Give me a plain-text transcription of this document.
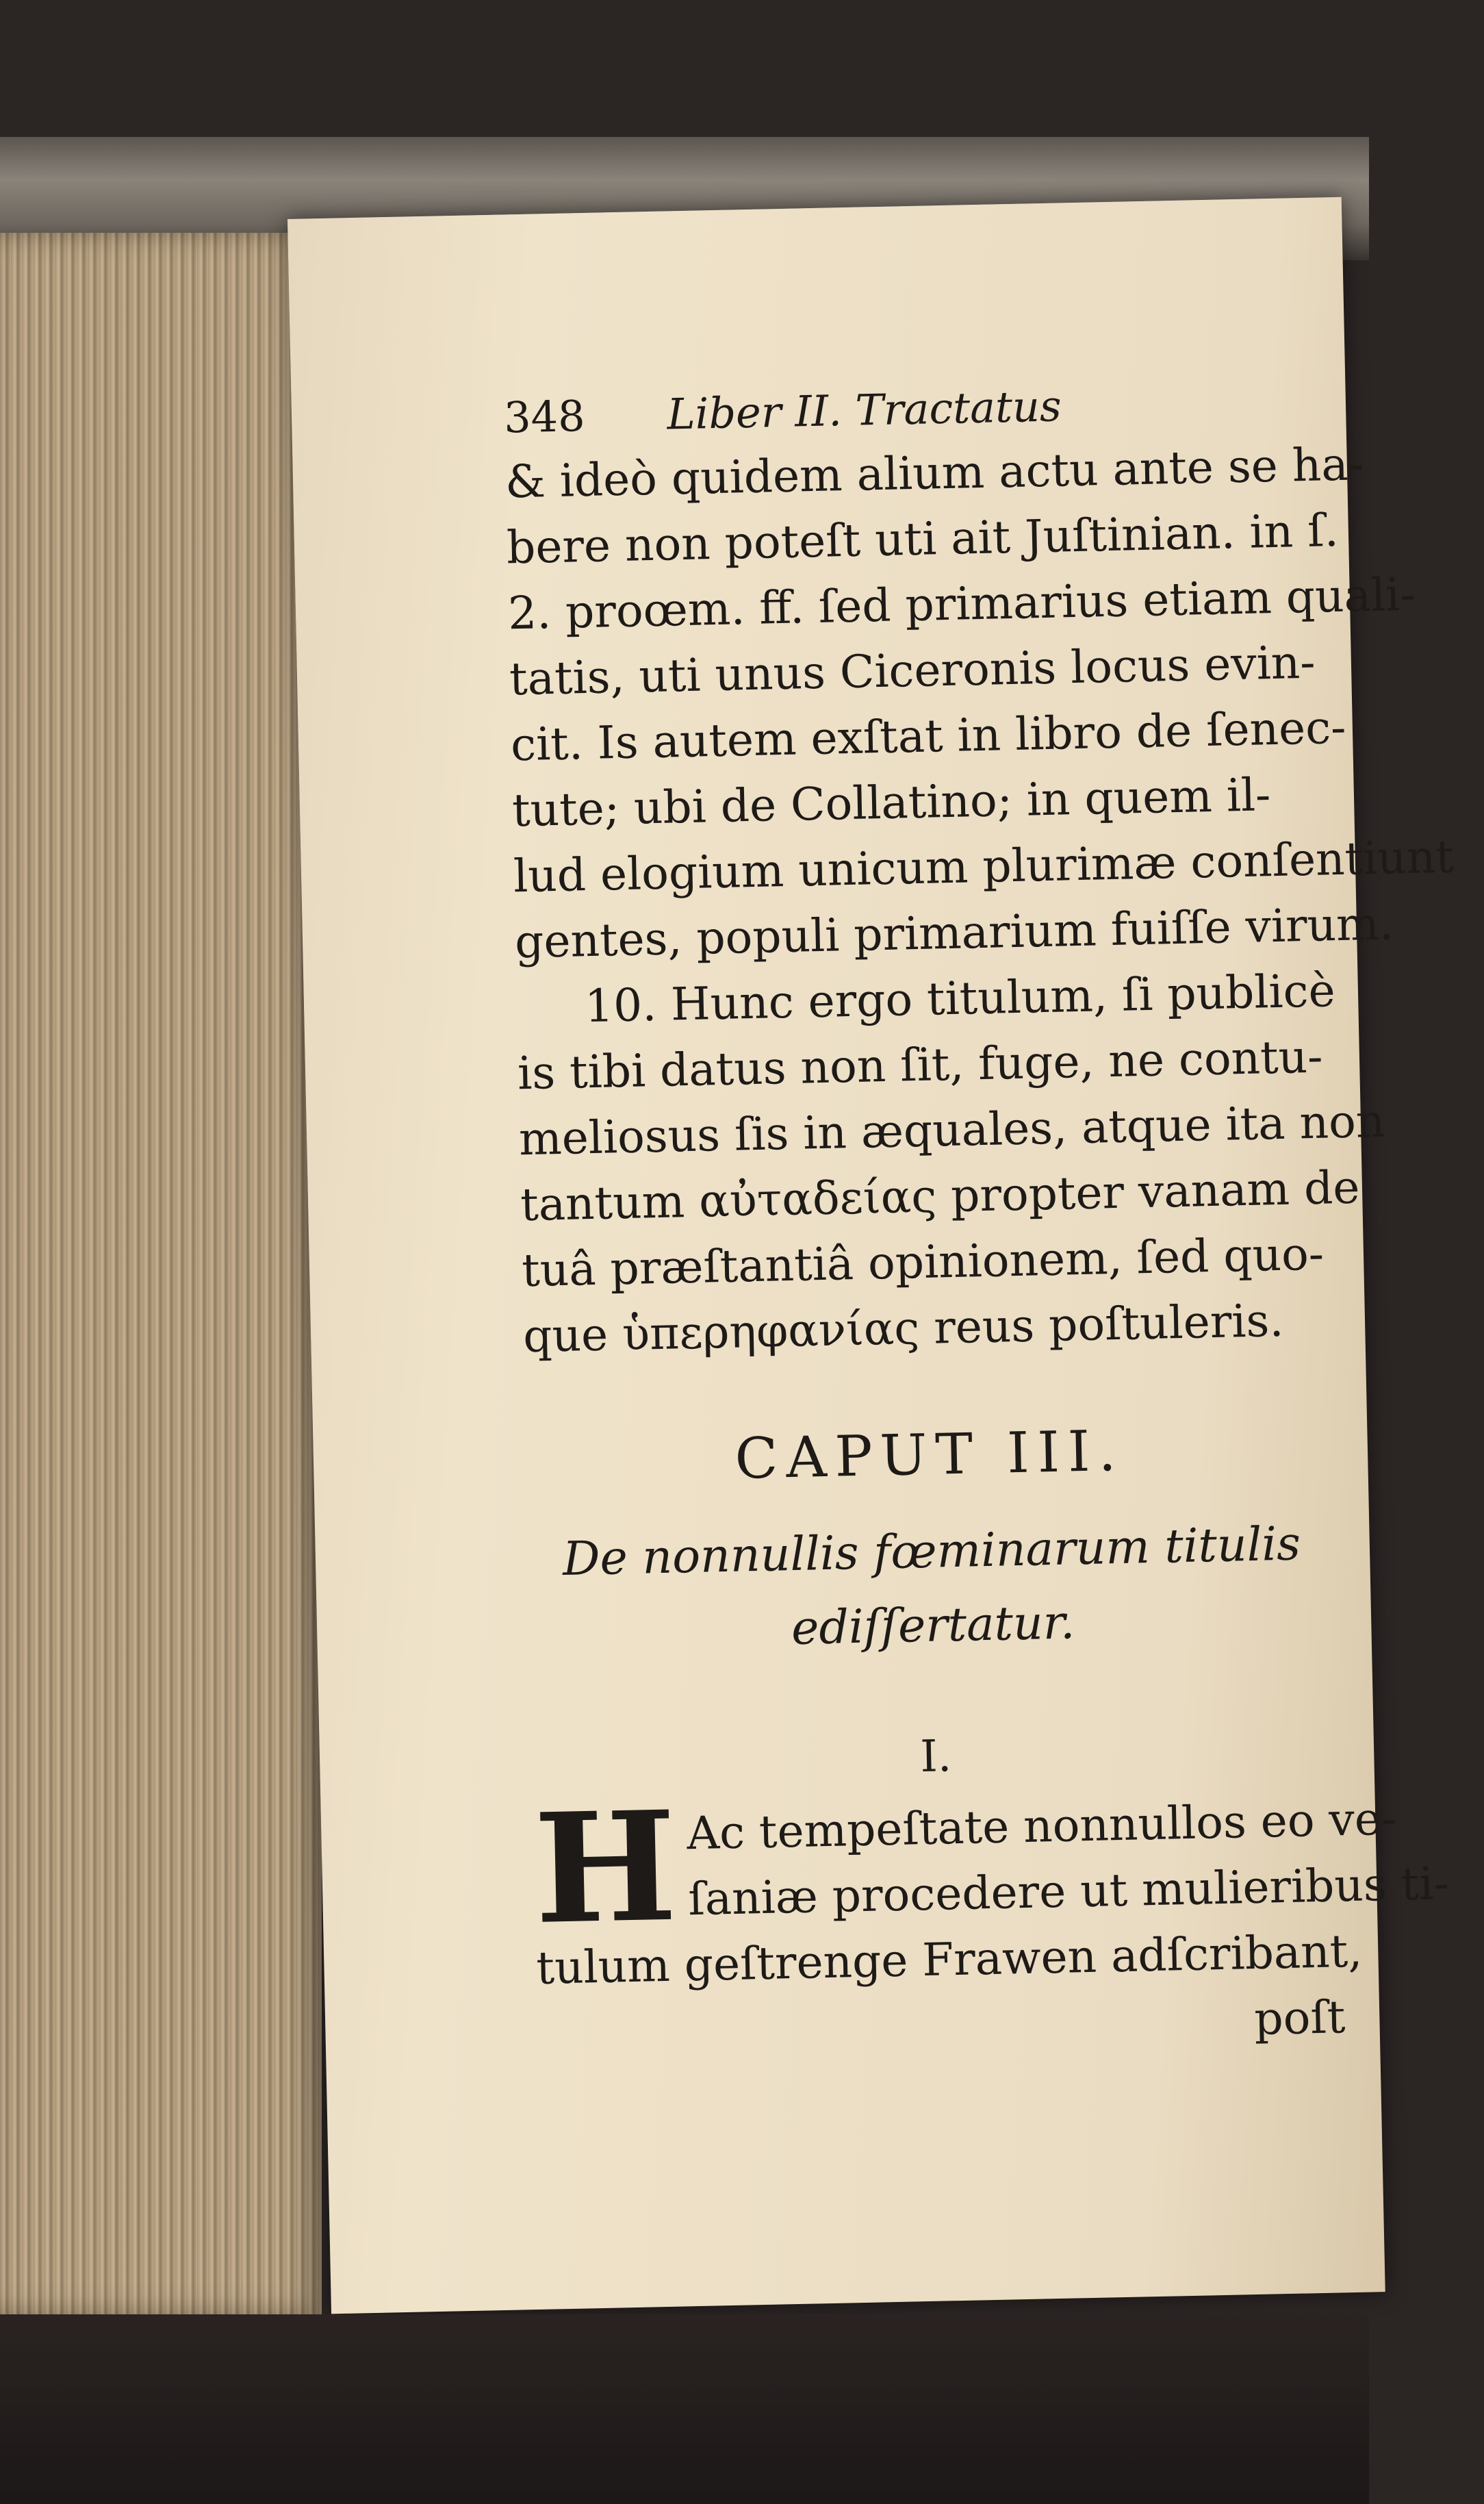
348 Liber II. Tractatus
& ideò quidem alium actu ante se ha-
bere non poteſt uti ait Juſtinian. in ſ.
2. proœm. ff. ſed primarius etiam quali-
tatis, uti unus Ciceronis locus evin-
cit. Is autem exſtat in libro de ſenec-
tute; ubi de Collatino; in quem il-
lud elogium unicum plurimæ conſentiunt
gentes, populi primarium fuiſſe virum.
10. Hunc ergo titulum, ſi publicè
is tibi datus non ſit, fuge, ne contu-
meliosus ſis in æquales, atque ita non
tantum αὐταδείας propter vanam de
tuâ præſtantiâ opinionem, ſed quo-
que ὑπερηφανίας reus poſtuleris.
CAPUT III.
De nonnullis fœminarum titulis
ediſſertatur.
I.
H Ac tempeſtate nonnullos eo ve-
ſaniæ procedere ut mulieribus ti-
tulum geſtrenge Frawen adſcribant,
poſt
